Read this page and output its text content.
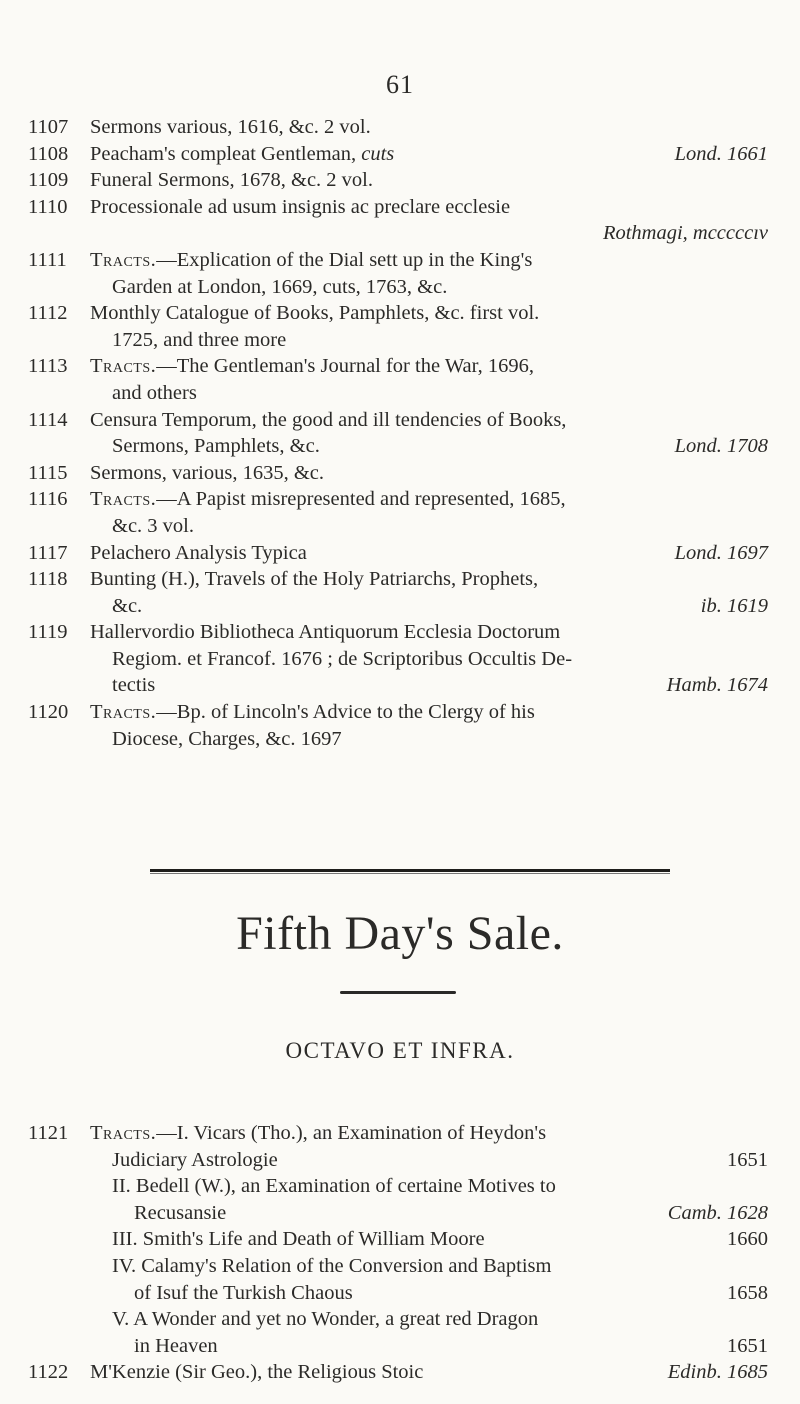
61
1107	Sermons various, 1616, &c. 2 vol.
1108	Peacham's compleat Gentleman, cuts	Lond. 1661
1109	Funeral Sermons, 1678, &c. 2 vol.
1110	Processionale ad usum insignis ac preclare ecclesie
Rothmagi, mcccccıv
1111	Tracts.—Explication of the Dial sett up in the King's
Garden at London, 1669, cuts, 1763, &c.
1112	Monthly Catalogue of Books, Pamphlets, &c. first vol.
1725, and three more
1113	Tracts.—The Gentleman's Journal for the War, 1696,
and others
1114	Censura Temporum, the good and ill tendencies of Books,
Sermons, Pamphlets, &c.	Lond. 1708
1115	Sermons, various, 1635, &c.
1116	Tracts.—A Papist misrepresented and represented, 1685,
&c. 3 vol.
1117	Pelachero Analysis Typica	Lond. 1697
1118	Bunting (H.), Travels of the Holy Patriarchs, Prophets,
&c.	ib. 1619
1119	Hallervordio Bibliotheca Antiquorum Ecclesia Doctorum
Regiom. et Francof. 1676 ; de Scriptoribus Occultis De-
tectis	Hamb. 1674
1120	Tracts.—Bp. of Lincoln's Advice to the Clergy of his
Diocese, Charges, &c. 1697
Fifth Day's Sale.
OCTAVO ET INFRA.
1121	Tracts.—I. Vicars (Tho.), an Examination of Heydon's
Judiciary Astrologie	1651
II. Bedell (W.), an Examination of certaine Motives to
Recusansie	Camb. 1628
III. Smith's Life and Death of William Moore	1660
IV. Calamy's Relation of the Conversion and Baptism
of Isuf the Turkish Chaous	1658
V. A Wonder and yet no Wonder, a great red Dragon
in Heaven	1651
1122	M'Kenzie (Sir Geo.), the Religious Stoic	Edinb. 1685
